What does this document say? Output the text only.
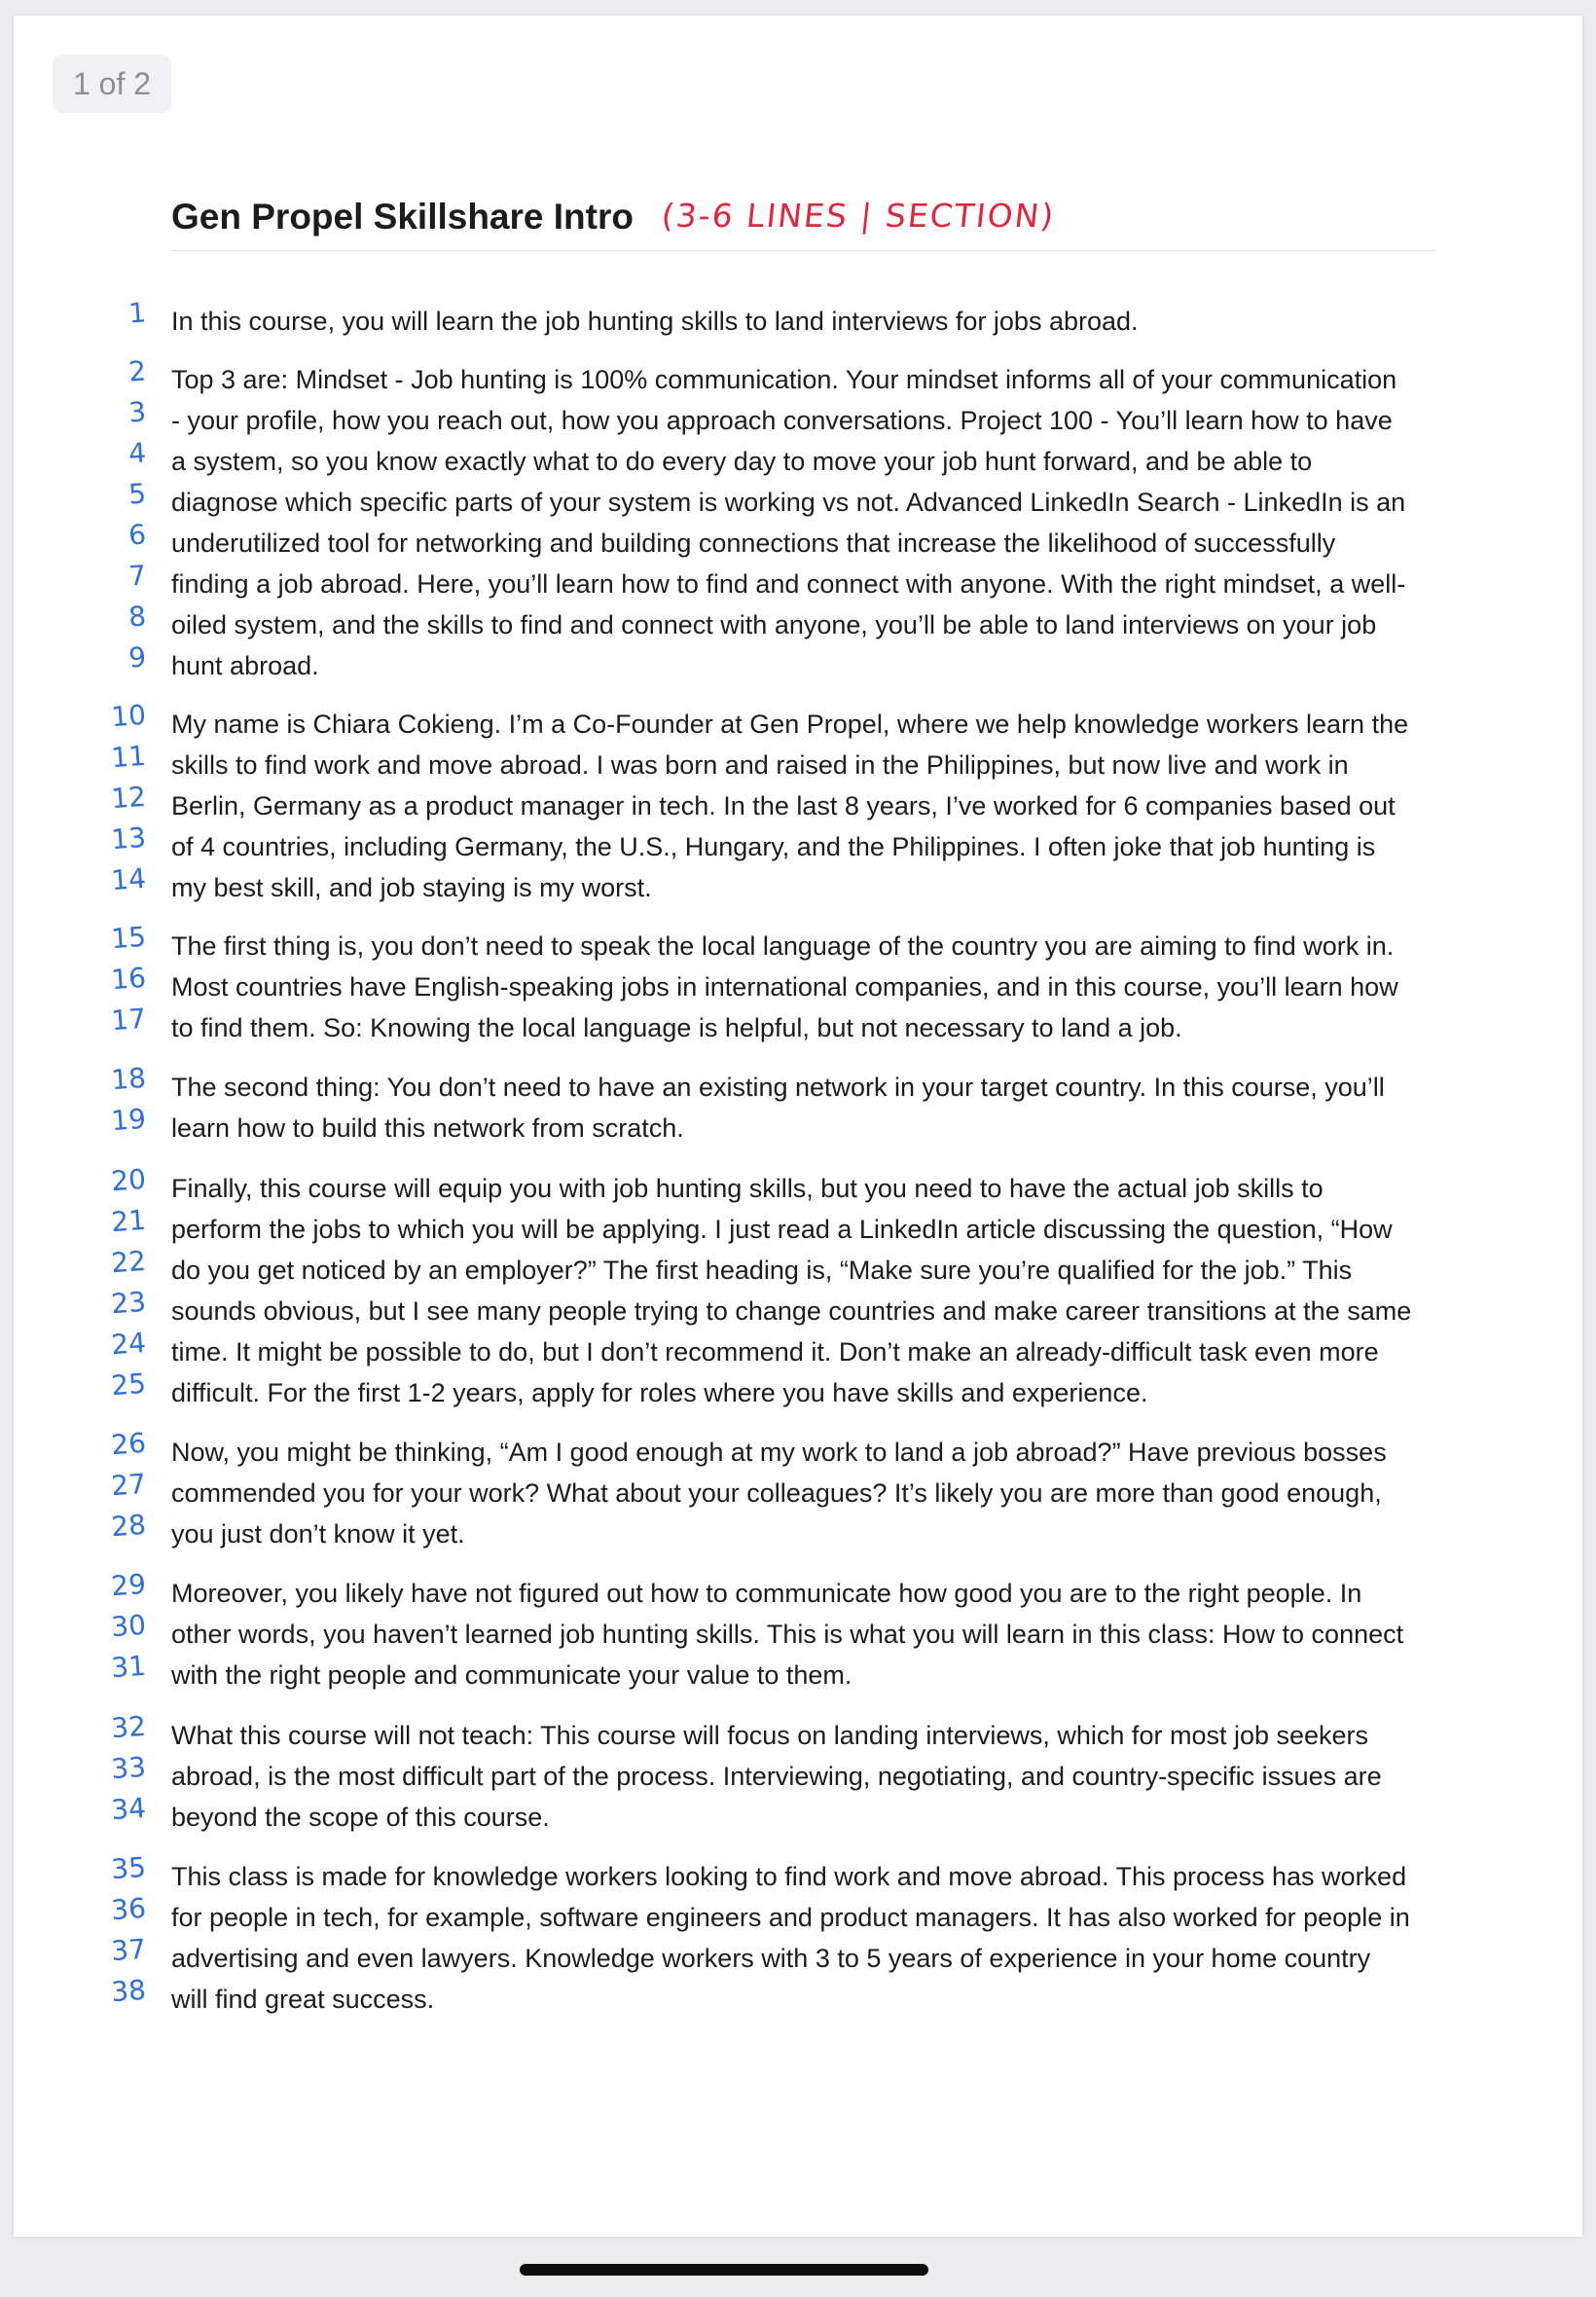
1 of 2
Gen Propel Skillshare Intro (3-6 LINES | SECTION)
1 In this course, you will learn the job hunting skills to land interviews for jobs abroad.
2 Top 3 are: Mindset - Job hunting is 100% communication. Your mindset informs all of your communication
3 - your profile, how you reach out, how you approach conversations. Project 100 - You’ll learn how to have
4 a system, so you know exactly what to do every day to move your job hunt forward, and be able to
5 diagnose which specific parts of your system is working vs not. Advanced LinkedIn Search - LinkedIn is an
6 underutilized tool for networking and building connections that increase the likelihood of successfully
7 finding a job abroad. Here, you’ll learn how to find and connect with anyone. With the right mindset, a well-
8 oiled system, and the skills to find and connect with anyone, you’ll be able to land interviews on your job
9 hunt abroad.
10 My name is Chiara Cokieng. I’m a Co-Founder at Gen Propel, where we help knowledge workers learn the
11 skills to find work and move abroad. I was born and raised in the Philippines, but now live and work in
12 Berlin, Germany as a product manager in tech. In the last 8 years, I’ve worked for 6 companies based out
13 of 4 countries, including Germany, the U.S., Hungary, and the Philippines. I often joke that job hunting is
14 my best skill, and job staying is my worst.
15 The first thing is, you don’t need to speak the local language of the country you are aiming to find work in.
16 Most countries have English-speaking jobs in international companies, and in this course, you’ll learn how
17 to find them. So: Knowing the local language is helpful, but not necessary to land a job.
18 The second thing: You don’t need to have an existing network in your target country. In this course, you’ll
19 learn how to build this network from scratch.
20 Finally, this course will equip you with job hunting skills, but you need to have the actual job skills to
21 perform the jobs to which you will be applying. I just read a LinkedIn article discussing the question, “How
22 do you get noticed by an employer?” The first heading is, “Make sure you’re qualified for the job.” This
23 sounds obvious, but I see many people trying to change countries and make career transitions at the same
24 time. It might be possible to do, but I don’t recommend it. Don’t make an already-difficult task even more
25 difficult. For the first 1-2 years, apply for roles where you have skills and experience.
26 Now, you might be thinking, “Am I good enough at my work to land a job abroad?” Have previous bosses
27 commended you for your work? What about your colleagues? It’s likely you are more than good enough,
28 you just don’t know it yet.
29 Moreover, you likely have not figured out how to communicate how good you are to the right people. In
30 other words, you haven’t learned job hunting skills. This is what you will learn in this class: How to connect
31 with the right people and communicate your value to them.
32 What this course will not teach: This course will focus on landing interviews, which for most job seekers
33 abroad, is the most difficult part of the process. Interviewing, negotiating, and country-specific issues are
34 beyond the scope of this course.
35 This class is made for knowledge workers looking to find work and move abroad. This process has worked
36 for people in tech, for example, software engineers and product managers. It has also worked for people in
37 advertising and even lawyers. Knowledge workers with 3 to 5 years of experience in your home country
38 will find great success.
